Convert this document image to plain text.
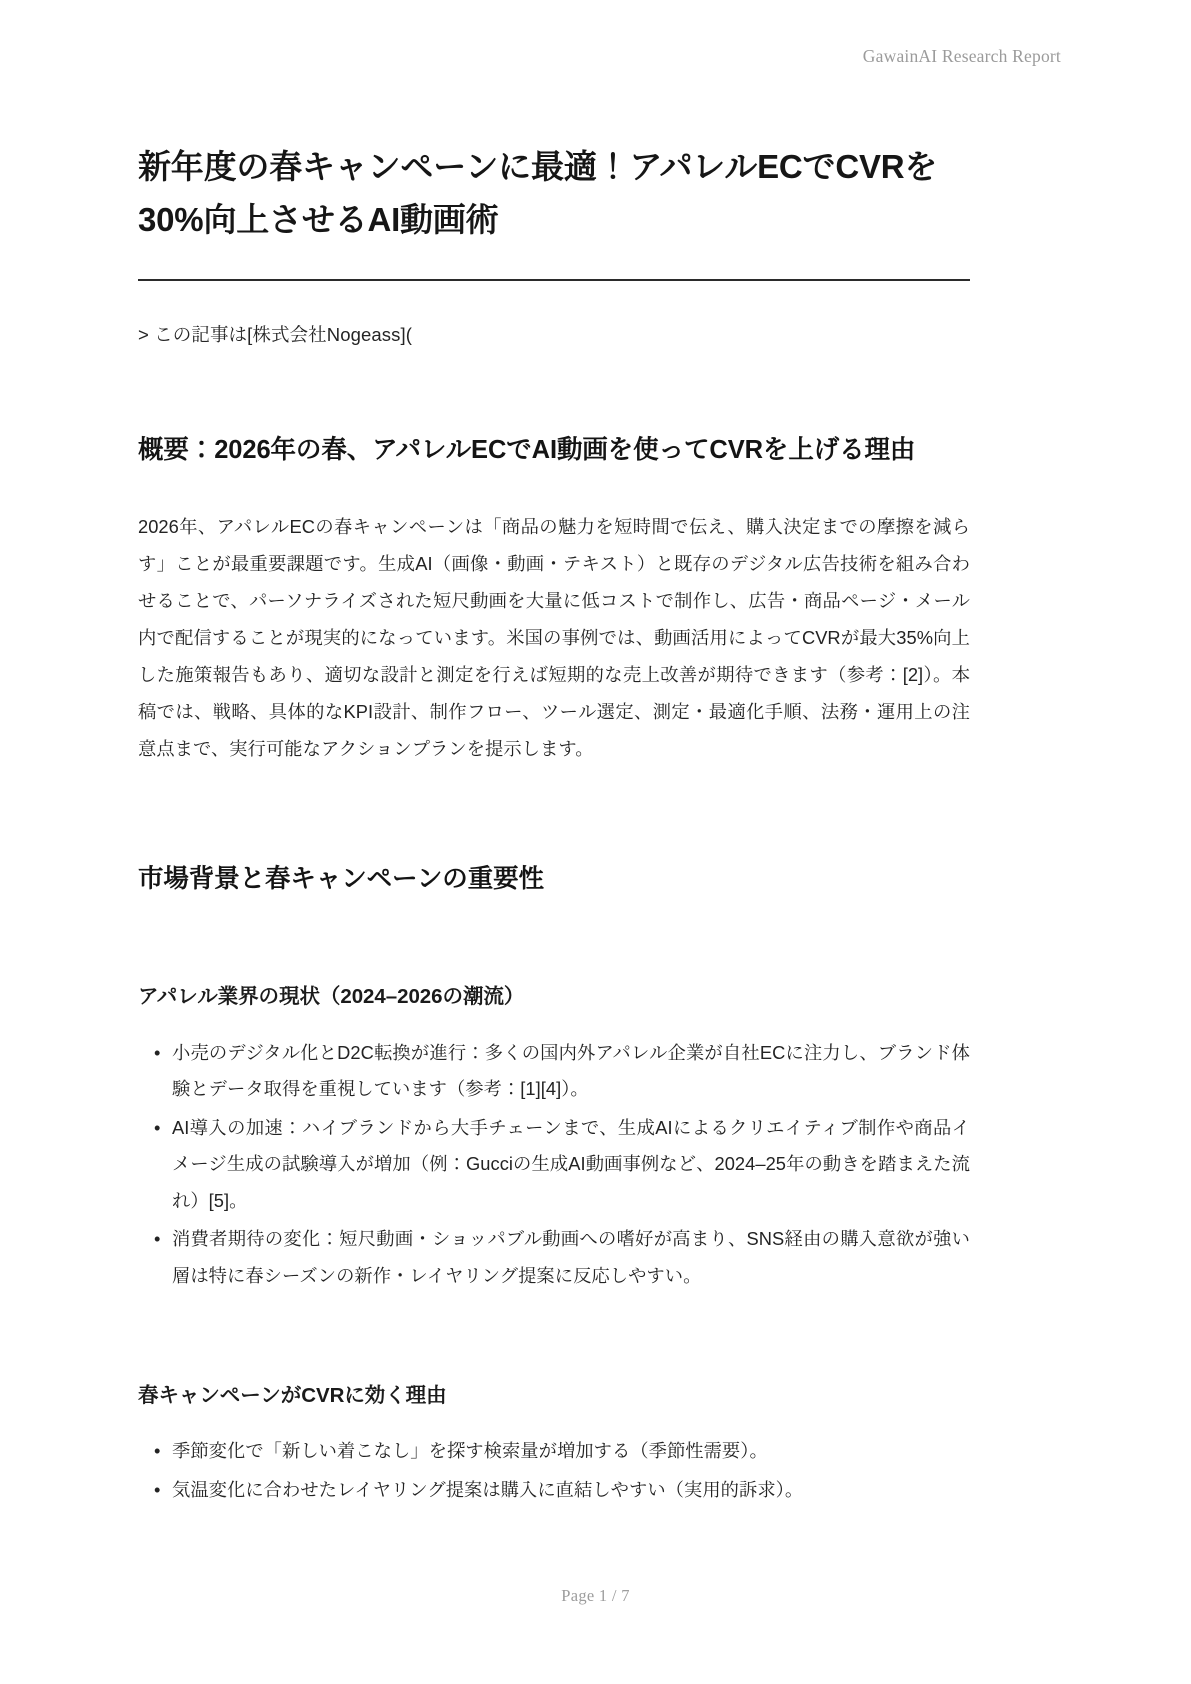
GawainAI Research Report
新年度の春キャンペーンに最適！アパレルECでCVRを30%向上させるAI動画術

> この記事は[株式会社Nogeass](

概要：2026年の春、アパレルECでAI動画を使ってCVRを上げる理由

2026年、アパレルECの春キャンペーンは「商品の魅力を短時間で伝え、購入決定までの摩擦を減らす」ことが最重要課題です。生成AI（画像・動画・テキスト）と既存のデジタル広告技術を組み合わせることで、パーソナライズされた短尺動画を大量に低コストで制作し、広告・商品ページ・メール内で配信することが現実的になっています。米国の事例では、動画活用によってCVRが最大35%向上した施策報告もあり、適切な設計と測定を行えば短期的な売上改善が期待できます（参考：[2]）。本稿では、戦略、具体的なKPI設計、制作フロー、ツール選定、測定・最適化手順、法務・運用上の注意点まで、実行可能なアクションプランを提示します。

市場背景と春キャンペーンの重要性
アパレル業界の現状（2024–2026の潮流）
• 小売のデジタル化とD2C転換が進行：多くの国内外アパレル企業が自社ECに注力し、ブランド体験とデータ取得を重視しています（参考：[1][4]）。
• AI導入の加速：ハイブランドから大手チェーンまで、生成AIによるクリエイティブ制作や商品イメージ生成の試験導入が増加（例：Gucciの生成AI動画事例など、2024–25年の動きを踏まえた流れ）[5]。
• 消費者期待の変化：短尺動画・ショッパブル動画への嗜好が高まり、SNS経由の購入意欲が強い層は特に春シーズンの新作・レイヤリング提案に反応しやすい。
春キャンペーンがCVRに効く理由
• 季節変化で「新しい着こなし」を探す検索量が増加する（季節性需要）。
• 気温変化に合わせたレイヤリング提案は購入に直結しやすい（実用的訴求）。
Page 1 / 7
